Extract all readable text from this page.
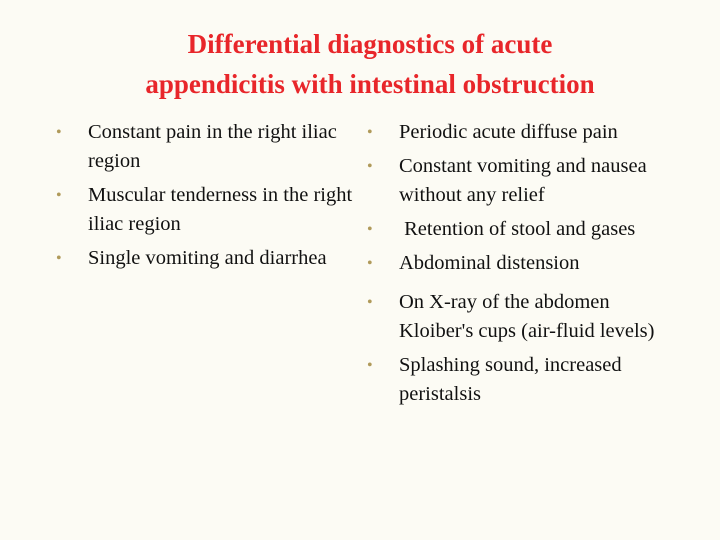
Differential diagnostics of acute
appendicitis with intestinal obstruction
•	Constant pain in the right iliac region
•	Muscular tenderness in the right iliac region
•	Single vomiting and diarrhea
•	Periodic acute diffuse pain
•	Constant vomiting and nausea without any relief
•	Retention of stool and gases
•	Abdominal distension
•	On X-ray of the abdomen Kloiber's cups (air-fluid levels)
•	Splashing sound, increased peristalsis
